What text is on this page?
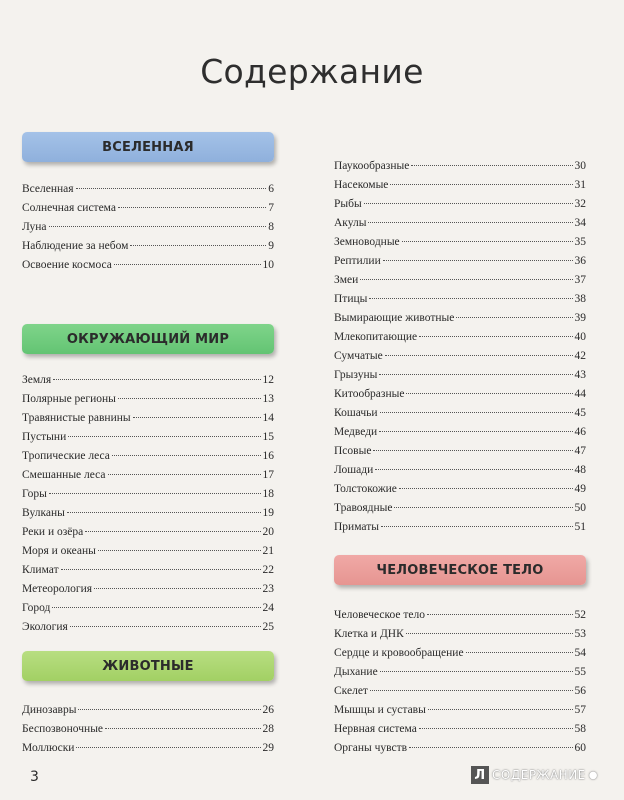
Содержание
ВСЕЛЕННАЯ
Вселенная	6
Солнечная система	7
Луна	8
Наблюдение за небом	9
Освоение космоса	10
ОКРУЖАЮЩИЙ МИР
Земля	12
Полярные регионы	13
Травянистые равнины	14
Пустыни	15
Тропические леса	16
Смешанные леса	17
Горы	18
Вулканы	19
Реки и озёра	20
Моря и океаны	21
Климат	22
Метеорология	23
Город	24
Экология	25
ЖИВОТНЫЕ
Динозавры	26
Беспозвоночные	28
Моллюски	29
Паукообразные	30
Насекомые	31
Рыбы	32
Акулы	34
Земноводные	35
Рептилии	36
Змеи	37
Птицы	38
Вымирающие животные	39
Млекопитающие	40
Сумчатые	42
Грызуны	43
Китообразные	44
Кошачьи	45
Медведи	46
Псовые	47
Лошади	48
Толстокожие	49
Травоядные	50
Приматы	51
ЧЕЛОВЕЧЕСКОЕ ТЕЛО
Человеческое тело	52
Клетка и ДНК	53
Сердце и кровообращение	54
Дыхание	55
Скелет	56
Мышцы и суставы	57
Нервная система	58
Органы чувств	60
3	Л СОДЕРЖАНИЕ ●
